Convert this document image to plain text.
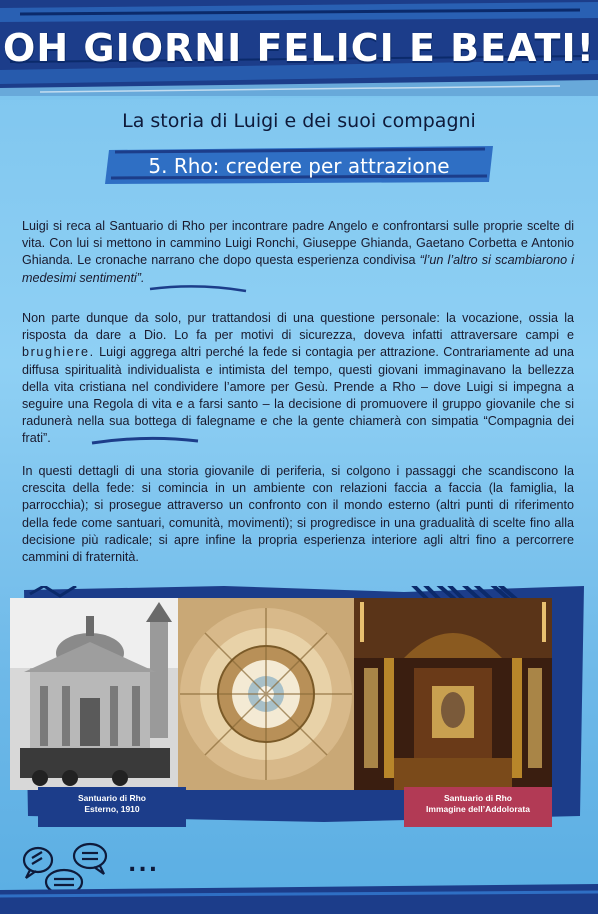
OH GIORNI FELICI E BEATI!
La storia di Luigi e dei suoi compagni
5. Rho: credere per attrazione

Luigi si reca al Santuario di Rho per incontrare padre Angelo e confrontarsi sulle proprie scelte di vita. Con lui si mettono in cammino Luigi Ronchi, Giuseppe Ghianda, Gaetano Corbetta e Antonio Ghianda. Le cronache narrano che dopo questa esperienza condivisa “l’un l’altro si scambiarono i medesimi sentimenti”.

Non parte dunque da solo, pur trattandosi di una questione personale: la vocazione, ossia la risposta da dare a Dio. Lo fa per motivi di sicurezza, doveva infatti attraversare campi e brughiere. Luigi aggrega altri perché la fede si contagia per attrazione. Contrariamente ad una diffusa spiritualità individualista e intimista del tempo, questi giovani immaginavano la bellezza della vita cristiana nel condividere l’amore per Gesù. Prende a Rho – dove Luigi si impegna a seguire una Regola di vita e a farsi santo – la decisione di promuovere il gruppo giovanile che si radunerà nella sua bottega di falegname e che la gente chiamerà con simpatia “Compagnia dei frati”.

In questi dettagli di una storia giovanile di periferia, si colgono i passaggi che scandiscono la crescita della fede: si comincia in un ambiente con relazioni faccia a faccia (la famiglia, la parrocchia); si prosegue attraverso un confronto con il mondo esterno (altri punti di riferimento della fede come santuari, comunità, movimenti); si progredisce in una gradualità di scelte fino alla decisione più radicale; si apre infine la propria esperienza interiore agli altri fino a percorrere cammini di fraternità.

Santuario di Rho
Esterno, 1910
Santuario di Rho
Immagine dell’Addolorata
...
